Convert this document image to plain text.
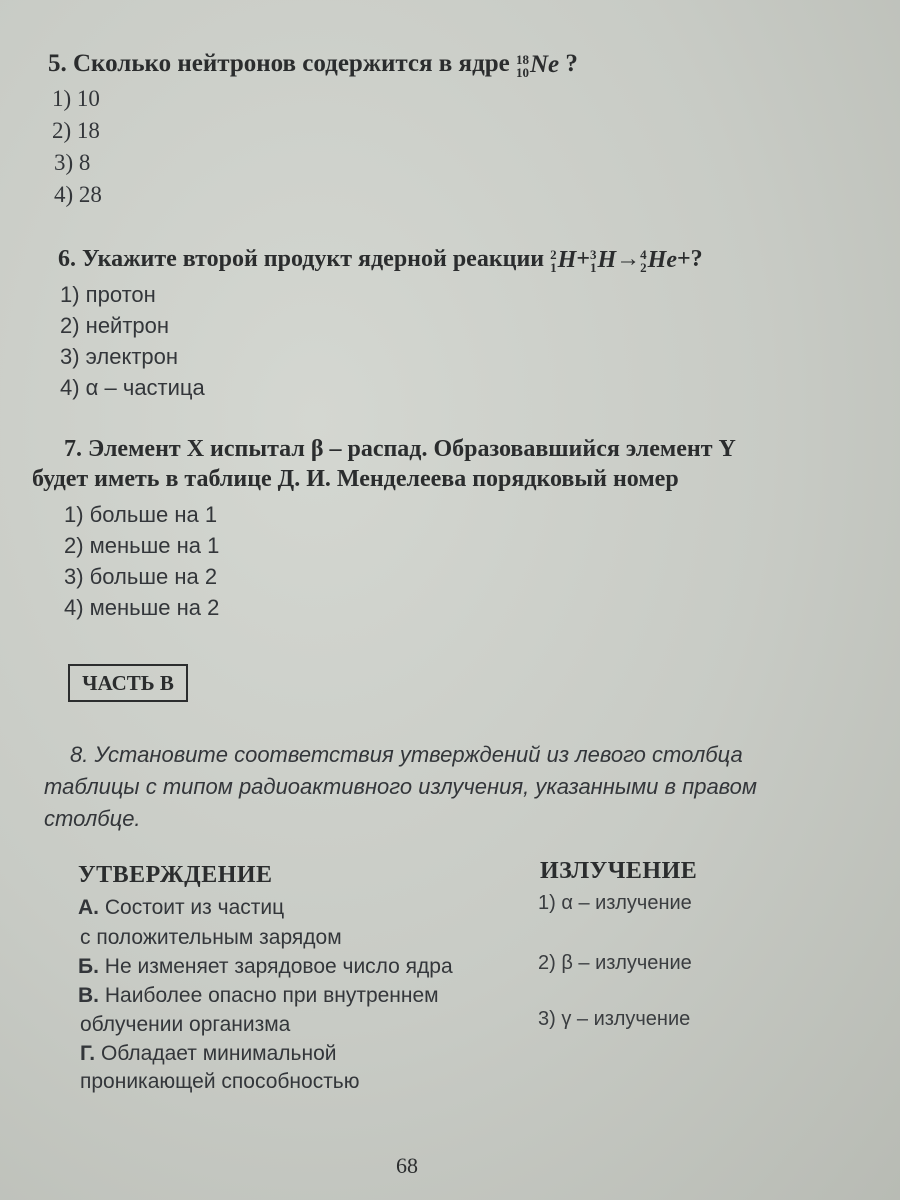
5. Сколько нейтронов содержится в ядре 18
10 Ne ?
1) 10
2) 18
3) 8
4) 28
6. Укажите второй продукт ядерной реакции 2
1 H+ 3
1 H→ 4
2 He+?
1) протон
2) нейтрон
3) электрон
4) α – частица
7. Элемент X испытал β – распад. Образовавшийся элемент Y
будет иметь в таблице Д. И. Менделеева порядковый номер
1) больше на 1
2) меньше на 1
3) больше на 2
4) меньше на 2
ЧАСТЬ В
8. Установите соответствия утверждений из левого столбца
таблицы с типом радиоактивного излучения, указанными в правом
столбце.
УТВЕРЖДЕНИЕ	ИЗЛУЧЕНИЕ
А. Состоит из частиц
с положительным зарядом
Б. Не изменяет зарядовое число ядра
В. Наиболее опасно при внутреннем
облучении организма
Г. Обладает минимальной
проникающей способностью
1) α – излучение
2) β – излучение
3) γ – излучение
68
